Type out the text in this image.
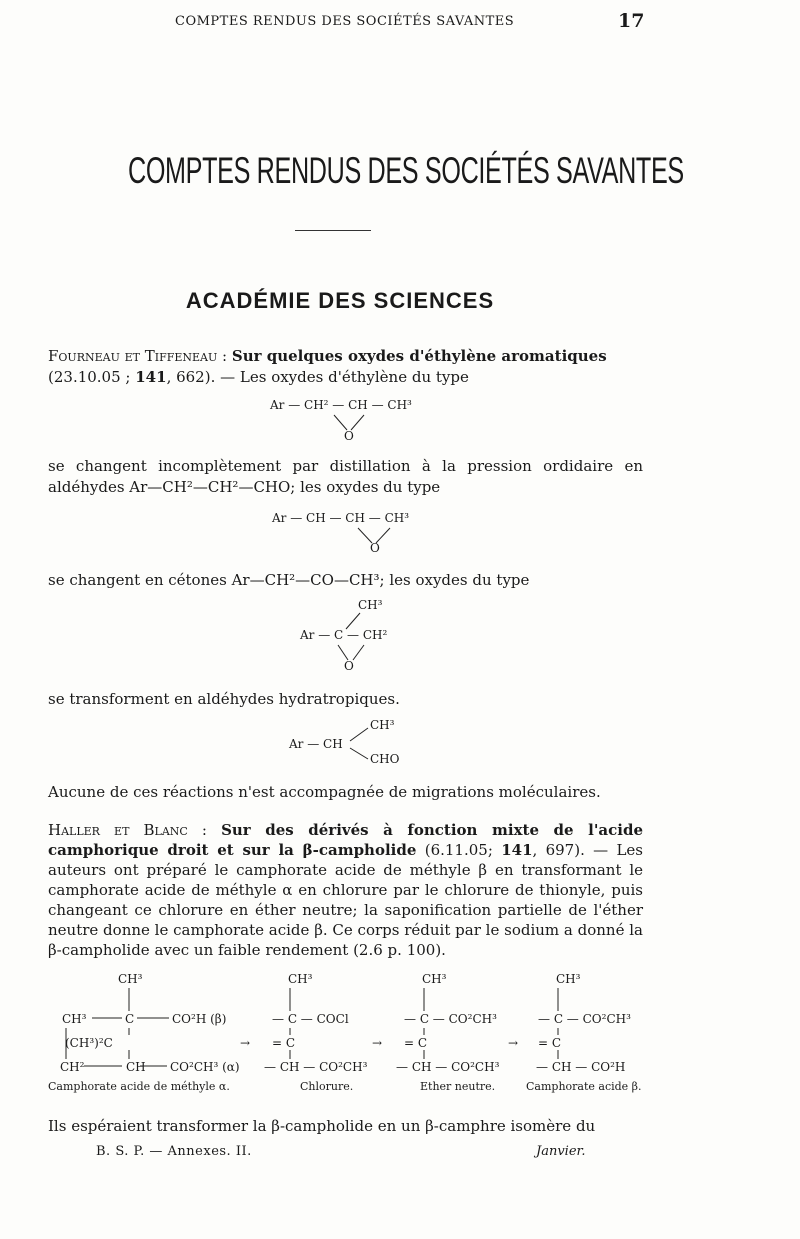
COMPTES RENDUS DES SOCIÉTÉS SAVANTES	17
COMPTES RENDUS DES SOCIÉTÉS SAVANTES
ACADÉMIE DES SCIENCES
Fourneau et Tiffeneau : Sur quelques oxydes d'éthylène aromatiques
(23.10.05 ; 141, 662). — Les oxydes d'éthylène du type
Ar — CH² — CH — CH³
O
se changent incomplètement par distillation à la pression ordidaire en aldéhydes Ar—CH²—CH²—CHO; les oxydes du type
Ar — CH — CH — CH³
O
se changent en cétones Ar—CH²—CO—CH³; les oxydes du type
CH³
Ar — C — CH²
O
se transforment en aldéhydes hydratropiques.
Ar — CH
CH³
CHO
Aucune de ces réactions n'est accompagnée de migrations moléculaires.
Haller et Blanc : Sur des dérivés à fonction mixte de l'acide camphorique droit et sur la β-campholide (6.11.05; 141, 697). — Les auteurs ont préparé le camphorate acide de méthyle β en transformant le camphorate acide de méthyle α en chlorure par le chlorure de thionyle, puis changeant ce chlorure en éther neutre; la saponification partielle de l'éther neutre donne le camphorate acide β. Ce corps réduit par le sodium a donné la β-campholide avec un faible rendement (2.6 p. 100).
CH³
CH³	C	CO²H (β)
(CH³)²C
CH²	CH CO²CH³ (α)
Camphorate acide de méthyle α.
→
CH³
— C — COCl
= C
— CH — CO²CH³
Chlorure.
→
CH³
— C — CO²CH³
= C
— CH — CO²CH³
Ether neutre.
→
CH³
— C — CO²CH³
= C
— CH — CO²H
Camphorate acide β.
Ils espéraient transformer la β-campholide en un β-camphre isomère du
B. S. P. — Annexes. II.	Janvier.
